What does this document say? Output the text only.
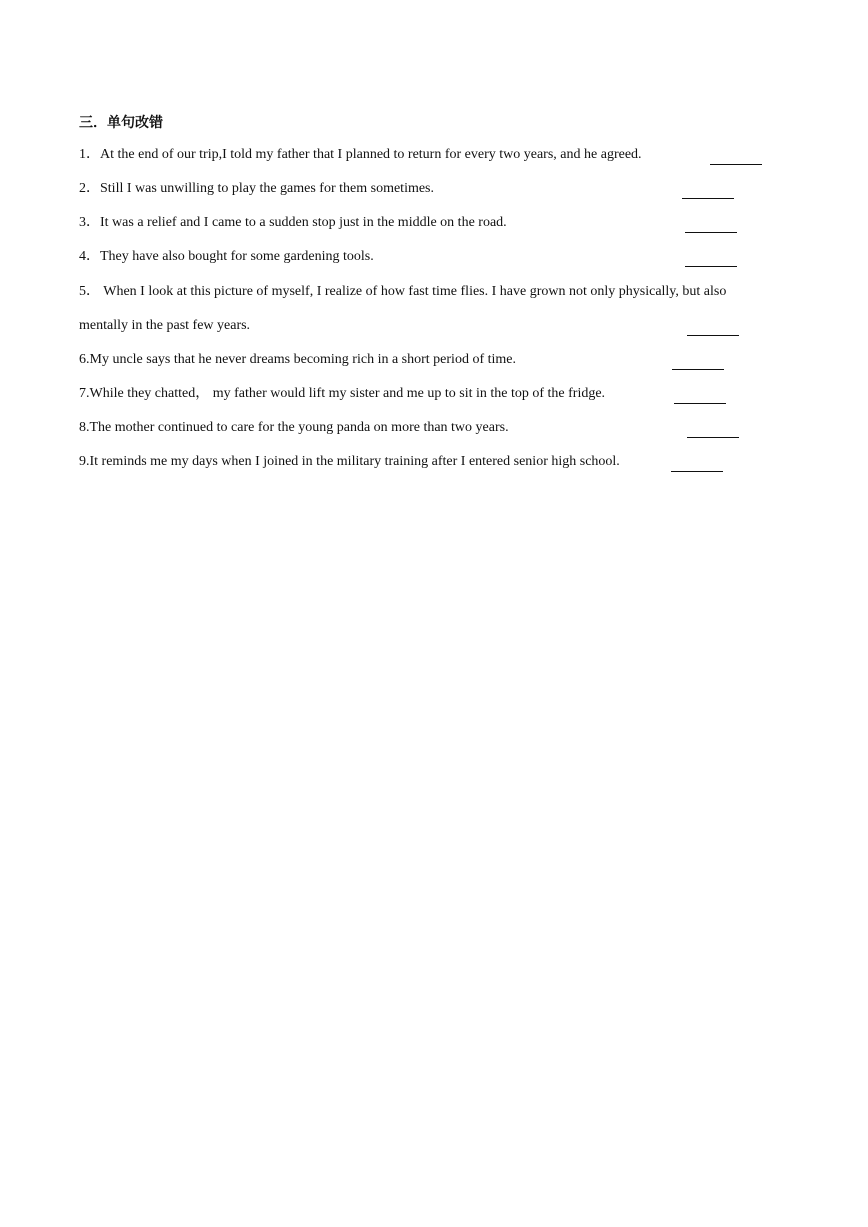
三．单句改错
1．At the end of our trip,I told my father that I planned to return for every two years, and he agreed.
2．Still I was unwilling to play the games for them sometimes.
3．It was a relief and I came to a sudden stop just in the middle on the road.
4．They have also bought for some gardening tools.
5． When I look at this picture of myself, I realize of how fast time flies. I have grown not only physically, but also
mentally in the past few years.
6.My uncle says that he never dreams becoming rich in a short period of time.
7.While they chatted， my father would lift my sister and me up to sit in the top of the fridge.
8.The mother continued to care for the young panda on more than two years.
9.It reminds me my days when I joined in the military training after I entered senior high school.
